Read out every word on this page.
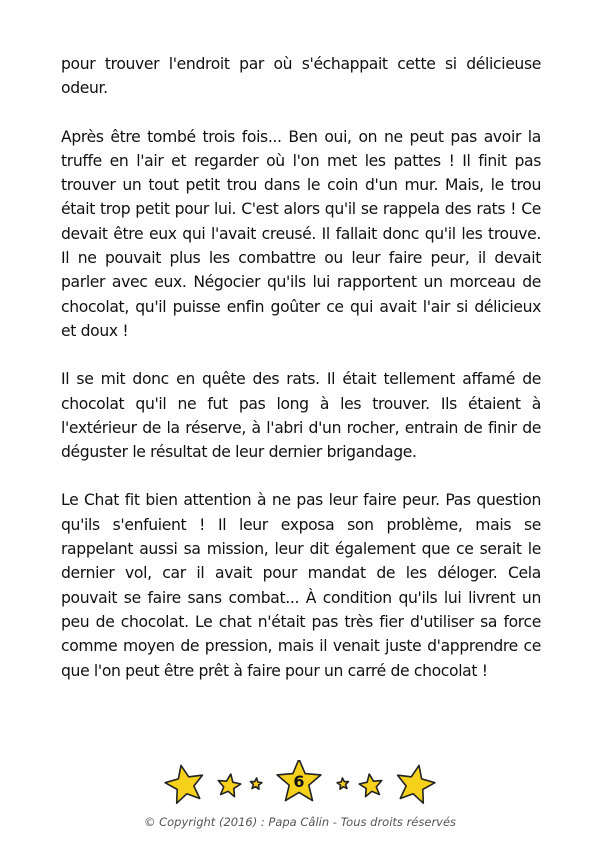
pour trouver l'endroit par où s'échappait cette si délicieuse odeur.

Après être tombé trois fois... Ben oui, on ne peut pas avoir la truffe en l'air et regarder où l'on met les pattes ! Il finit pas trouver un tout petit trou dans le coin d'un mur. Mais, le trou était trop petit pour lui. C'est alors qu'il se rappela des rats ! Ce devait être eux qui l'avait creusé. Il fallait donc qu'il les trouve. Il ne pouvait plus les combattre ou leur faire peur, il devait parler avec eux. Négocier qu'ils lui rapportent un morceau de chocolat, qu'il puisse enfin goûter ce qui avait l'air si délicieux et doux !

Il se mit donc en quête des rats. Il était tellement affamé de chocolat qu'il ne fut pas long à les trouver. Ils étaient à l'extérieur de la réserve, à l'abri d'un rocher, entrain de finir de déguster le résultat de leur dernier brigandage.

Le Chat fit bien attention à ne pas leur faire peur. Pas question qu'ils s'enfuient ! Il leur exposa son problème, mais se rappelant aussi sa mission, leur dit également que ce serait le dernier vol, car il avait pour mandat de les déloger. Cela pouvait se faire sans combat... À condition qu'ils lui livrent un peu de chocolat. Le chat n'était pas très fier d'utiliser sa force comme moyen de pression, mais il venait juste d'apprendre ce que l'on peut être prêt à faire pour un carré de chocolat !

6
© Copyright (2016) : Papa Câlin - Tous droits réservés
